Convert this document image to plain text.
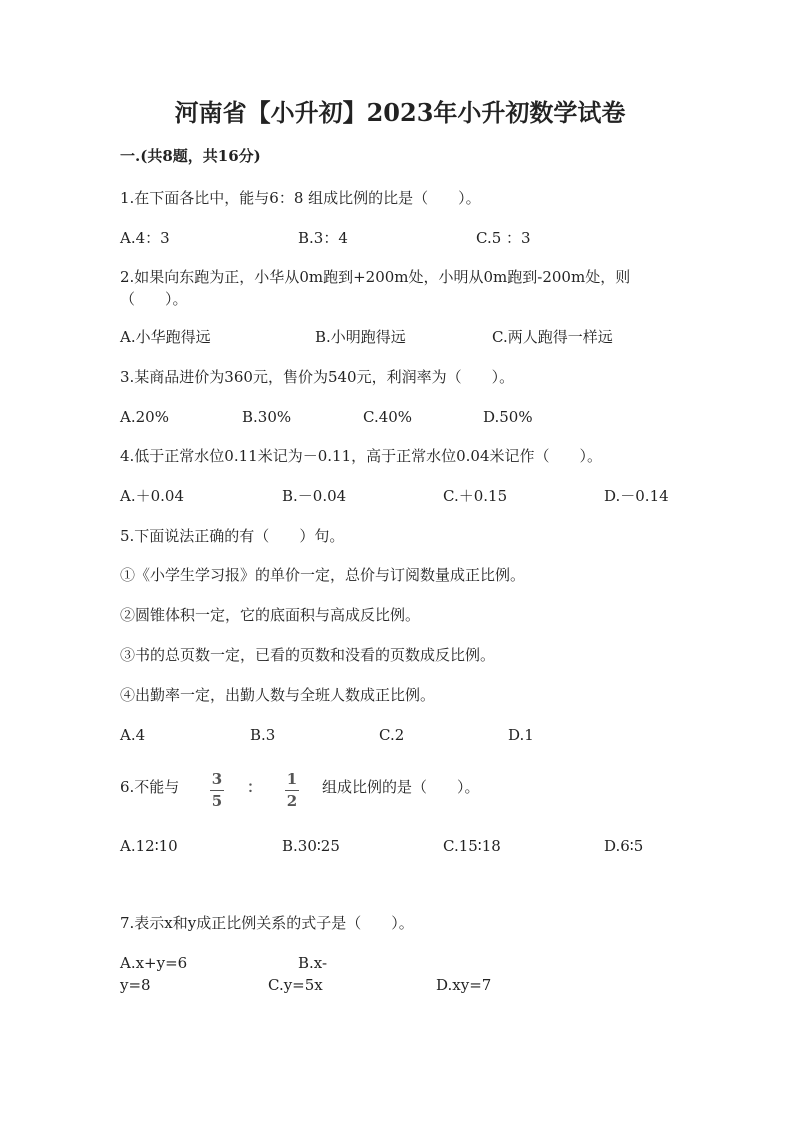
河南省【小升初】2023年小升初数学试卷
一.(共8题，共16分)
1.在下面各比中，能与6：8 组成比例的比是（　　）。
A.4：3	B.3：4	C.5 ：3
2.如果向东跑为正，小华从0m跑到+200m处，小明从0m跑到-200m处，则
（　　）。
A.小华跑得远	B.小明跑得远	C.两人跑得一样远
3.某商品进价为360元，售价为540元，利润率为（　　）。
A.20%	B.30%	C.40%	D.50%
4.低于正常水位0.11米记为－0.11，高于正常水位0.04米记作（　　）。
A.＋0.04	B.－0.04	C.＋0.15	D.－0.14
5.下面说法正确的有（　　）句。
①《小学生学习报》的单价一定，总价与订阅数量成正比例。
②圆锥体积一定，它的底面积与高成反比例。
③书的总页数一定，已看的页数和没看的页数成反比例。
④出勤率一定，出勤人数与全班人数成正比例。
A.4	B.3	C.2	D.1
6.不能与 3
5
： 1
2
组成比例的是（　　）。
A.12∶10	B.30∶25	C.15∶18	D.6∶5
7.表示x和y成正比例关系的式子是（　　）。
A.x+y=6	B.x-
y=8	C.y=5x	D.xy=7
